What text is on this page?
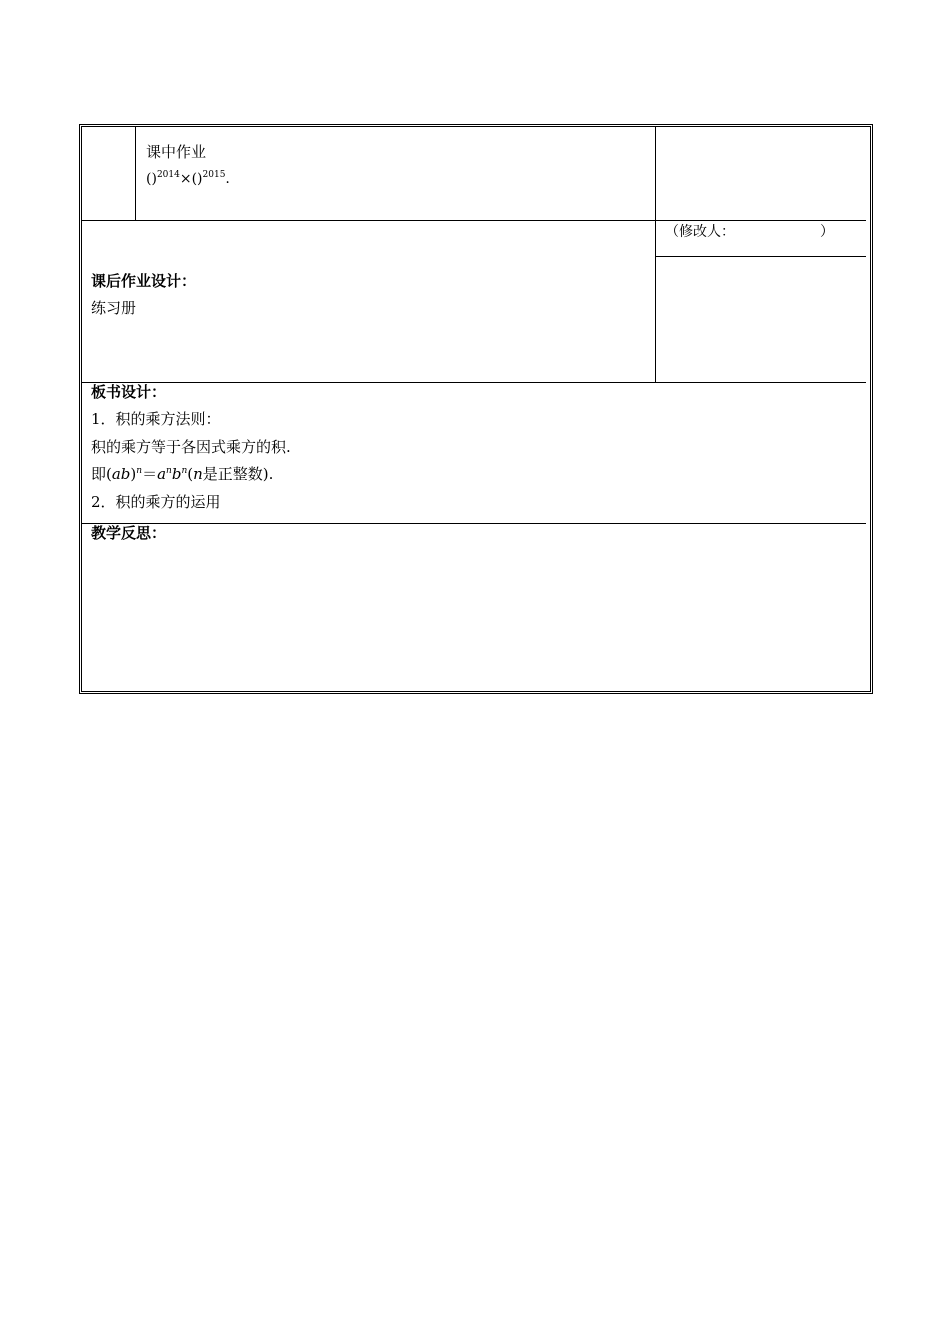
课中作业
()$^{2014}$×()$^{2015}$.
（修改人：	）
课后作业设计：
练习册
板书设计：
1．积的乘方法则：
积的乘方等于各因式乘方的积.
即$(ab)^n=a^nb^n(n$是正整数).
2．积的乘方的运用
教学反思：
